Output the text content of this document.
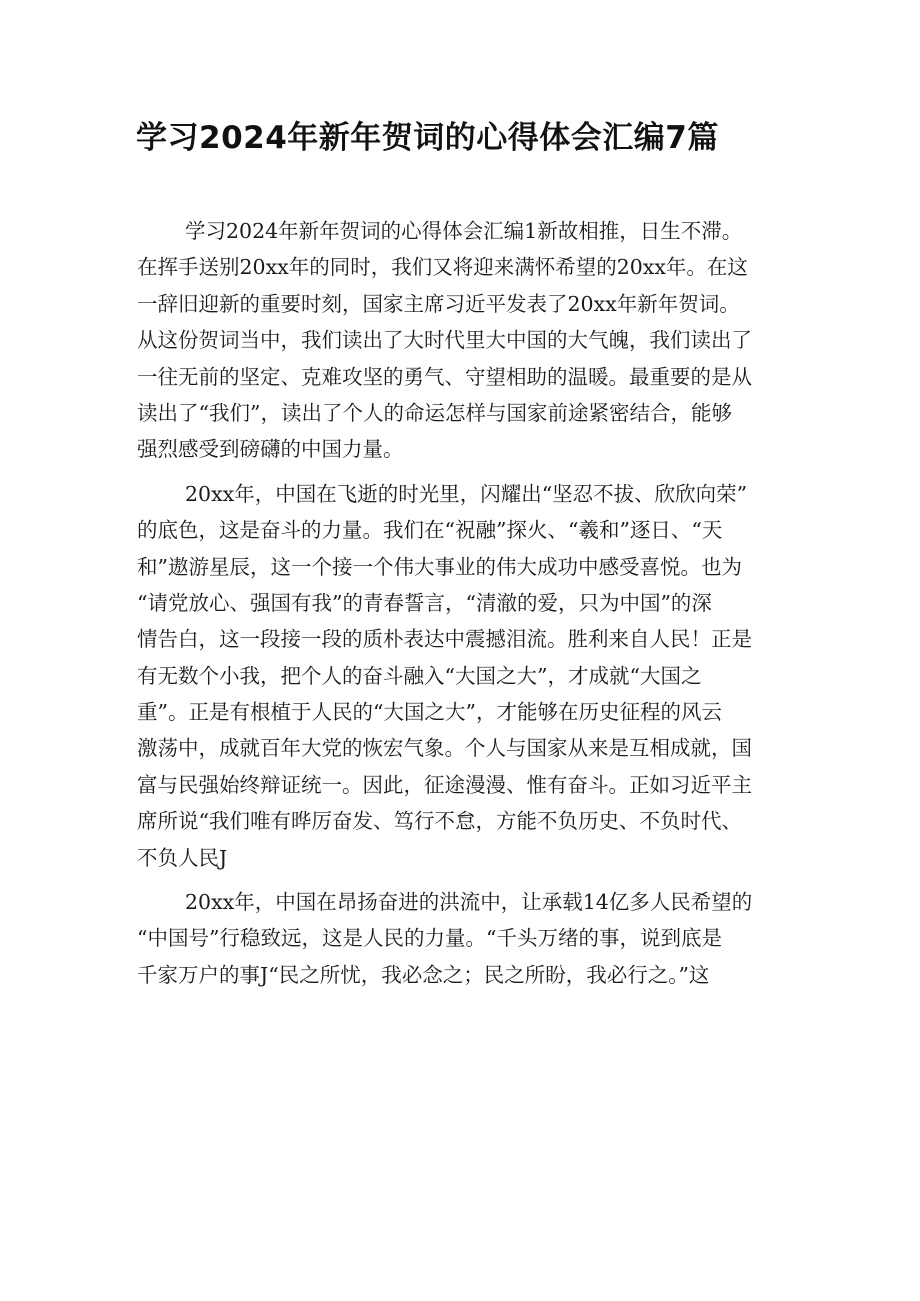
学习2024年新年贺词的心得体会汇编7篇

学习2024年新年贺词的心得体会汇编1新故相推，日生不滞。
在挥手送别20xx年的同时，我们又将迎来满怀希望的20xx年。在这
一辞旧迎新的重要时刻，国家主席习近平发表了20xx年新年贺词。
从这份贺词当中，我们读出了大时代里大中国的大气魄，我们读出了
一往无前的坚定、克难攻坚的勇气、守望相助的温暖。最重要的是从
读出了“我们”，读出了个人的命运怎样与国家前途紧密结合，能够
强烈感受到磅礴的中国力量。

20xx年，中国在飞逝的时光里，闪耀出“坚忍不拔、欣欣向荣”
的底色，这是奋斗的力量。我们在“祝融”探火、“羲和”逐日、“天
和”遨游星辰，这一个接一个伟大事业的伟大成功中感受喜悦。也为
“请党放心、强国有我”的青春誓言，“清澈的爱，只为中国”的深
情告白，这一段接一段的质朴表达中震撼泪流。胜利来自人民！正是
有无数个小我，把个人的奋斗融入“大国之大”，才成就“大国之
重”。正是有根植于人民的“大国之大”，才能够在历史征程的风云
激荡中，成就百年大党的恢宏气象。个人与国家从来是互相成就，国
富与民强始终辩证统一。因此，征途漫漫、惟有奋斗。正如习近平主
席所说“我们唯有晔厉奋发、笃行不怠，方能不负历史、不负时代、
不负人民J

20xx年，中国在昂扬奋进的洪流中，让承载14亿多人民希望的
“中国号”行稳致远，这是人民的力量。“千头万绪的事，说到底是
千家万户的事J“民之所忧，我必念之；民之所盼，我必行之。”这
